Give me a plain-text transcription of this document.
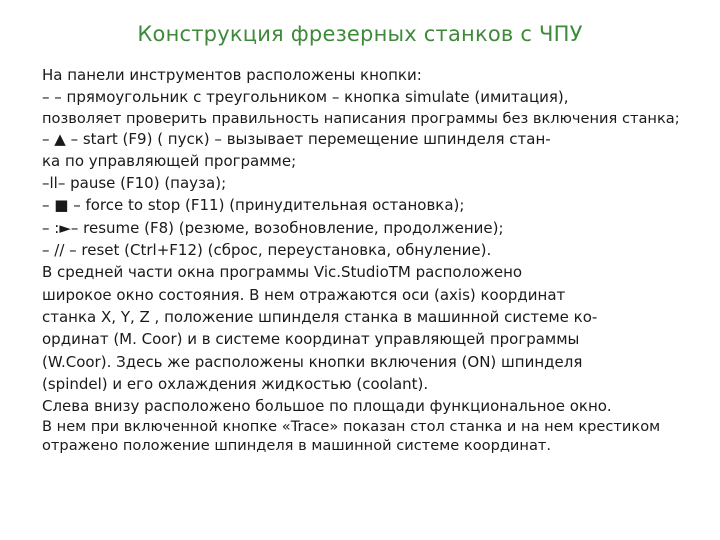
Конструкция фрезерных станков с ЧПУ

На панели инструментов расположены кнопки:

– – прямоугольник с треугольником – кнопка simulate (имитация),

позволяет проверить правильность написания программы без включения станка;

– ▲ – start (F9) ( пуск) – вызывает перемещение шпинделя стан-

ка по управляющей программе;

–ll– pause (F10) (пауза);

– ■ – force to stop (F11) (принудительная остановка);

– :►– resume (F8) (резюме, возобновление, продолжение);

– // – reset (Ctrl+F12) (сброс, переустановка, обнуление).

В средней части окна программы Vic.StudioTM расположено

широкое окно состояния. В нем отражаются оси (axis) координат

станка X, Y, Z , положение шпинделя станка в машинной системе ко-

ординат (M. Coor) и в системе координат управляющей программы

(W.Coor). Здесь же расположены кнопки включения (ON) шпинделя

(spindel) и его охлаждения жидкостью (coolant).

Слева внизу расположено большое по площади функциональное окно.

В нем при включенной кнопке «Trace» показан стол станка и на нем крестиком отражено положение шпинделя в машинной системе координат.
